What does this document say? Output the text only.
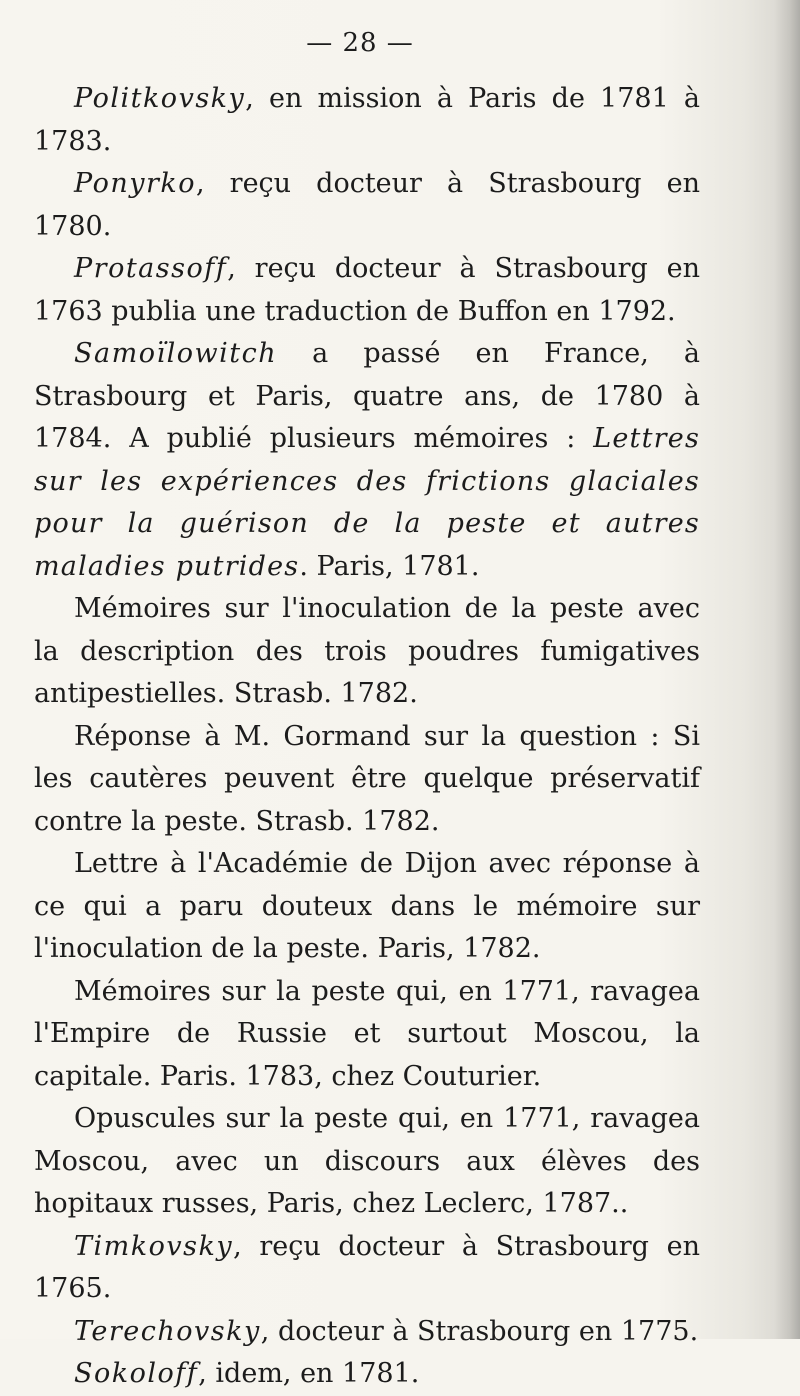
— 28 —

Politkovsky, en mission à Paris de 1781 à 1783.

Ponyrko, reçu docteur à Strasbourg en 1780.

Protassoff, reçu docteur à Strasbourg en 1763 publia une traduction de Buffon en 1792.

Samoïlowitch a passé en France, à Strasbourg et Paris, quatre ans, de 1780 à 1784. A publié plusieurs mémoires : Lettres sur les expériences des frictions glaciales pour la guérison de la peste et autres maladies putrides. Paris, 1781.

Mémoires sur l'inoculation de la peste avec la description des trois poudres fumigatives antipestielles. Strasb. 1782.

Réponse à M. Gormand sur la question : Si les cautères peuvent être quelque préservatif contre la peste. Strasb. 1782.

Lettre à l'Académie de Dijon avec réponse à ce qui a paru douteux dans le mémoire sur l'inoculation de la peste. Paris, 1782.

Mémoires sur la peste qui, en 1771, ravagea l'Empire de Russie et surtout Moscou, la capitale. Paris. 1783, chez Couturier.

Opuscules sur la peste qui, en 1771, ravagea Moscou, avec un discours aux élèves des hopitaux russes, Paris, chez Leclerc, 1787..

Timkovsky, reçu docteur à Strasbourg en 1765.

Terechovsky, docteur à Strasbourg en 1775.

Sokoloff, idem, en 1781.
